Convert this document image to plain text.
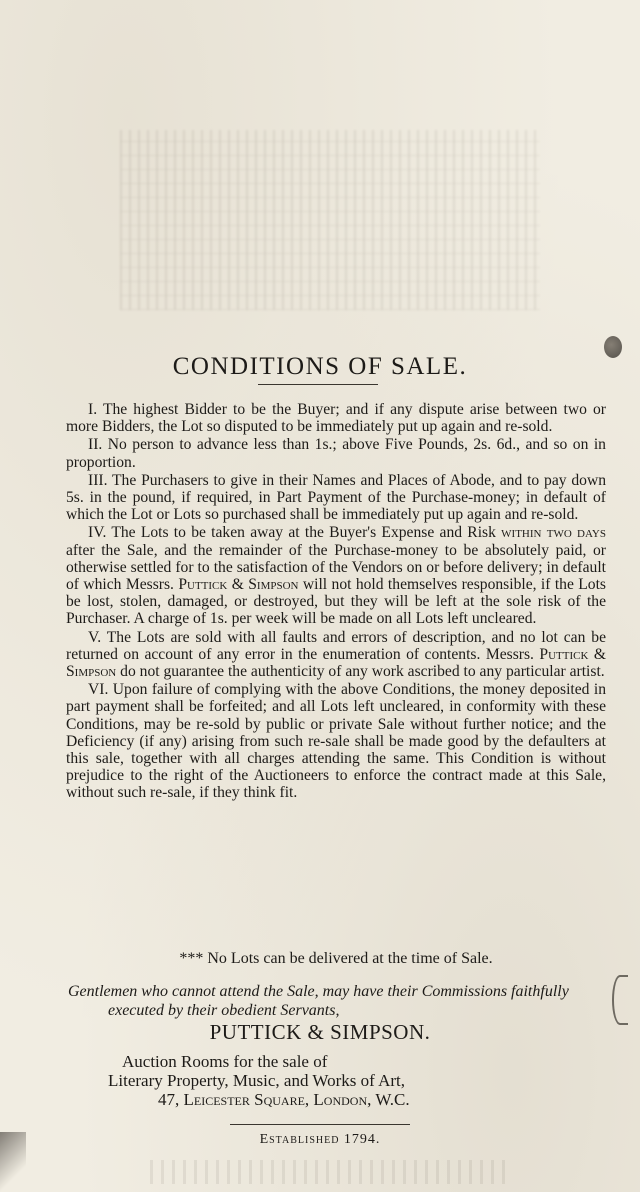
CONDITIONS OF SALE.

I. The highest Bidder to be the Buyer; and if any dispute arise between two or more Bidders, the Lot so disputed to be immediately put up again and re-sold.

II. No person to advance less than 1s.; above Five Pounds, 2s. 6d., and so on in proportion.

III. The Purchasers to give in their Names and Places of Abode, and to pay down 5s. in the pound, if required, in Part Payment of the Purchase-money; in default of which the Lot or Lots so purchased shall be immediately put up again and re-sold.

IV. The Lots to be taken away at the Buyer's Expense and Risk within two days after the Sale, and the remainder of the Purchase-money to be absolutely paid, or otherwise settled for to the satisfaction of the Vendors on or before delivery; in default of which Messrs. Puttick & Simpson will not hold themselves responsible, if the Lots be lost, stolen, damaged, or destroyed, but they will be left at the sole risk of the Purchaser. A charge of 1s. per week will be made on all Lots left uncleared.

V. The Lots are sold with all faults and errors of description, and no lot can be returned on account of any error in the enumeration of contents. Messrs. Puttick & Simpson do not guarantee the authenticity of any work ascribed to any particular artist.

VI. Upon failure of complying with the above Conditions, the money deposited in part payment shall be forfeited; and all Lots left uncleared, in conformity with these Conditions, may be re-sold by public or private Sale without further notice; and the Deficiency (if any) arising from such re-sale shall be made good by the defaulters at this sale, together with all charges attending the same. This Condition is without prejudice to the right of the Auctioneers to enforce the contract made at this Sale, without such re-sale, if they think fit.

*** No Lots can be delivered at the time of Sale.
Gentlemen who cannot attend the Sale, may have their Commissions faithfully
executed by their obedient Servants,
PUTTICK & SIMPSON.
Auction Rooms for the sale of
Literary Property, Music, and Works of Art,
47, Leicester Square, London, W.C.
Established 1794.
